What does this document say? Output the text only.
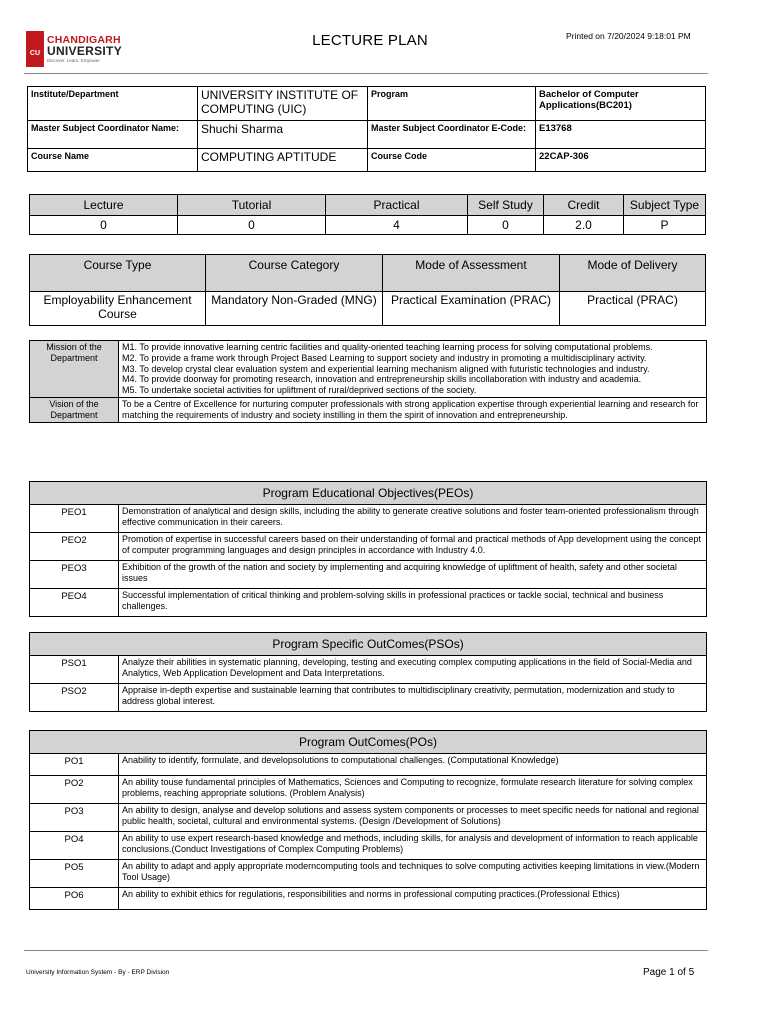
CU
CHANDIGARH
UNIVERSITY
Discover. Learn. Empower.
LECTURE PLAN	Printed on 7/20/2024 9:18:01 PM
Institute/Department	UNIVERSITY INSTITUTE OF COMPUTING (UIC)	Program	Bachelor of Computer Applications(BC201)
Master Subject Coordinator Name:	Shuchi Sharma	Master Subject Coordinator E-Code:	E13768
Course Name	COMPUTING APTITUDE	Course Code	22CAP-306
Lecture	Tutorial	Practical	Self Study	Credit	Subject Type
0	0	4	0	2.0	P
Course Type	Course Category	Mode of Assessment	Mode of Delivery
Employability Enhancement Course	Mandatory Non-Graded (MNG)	Practical Examination (PRAC)	Practical (PRAC)
Mission of the Department	M1. To provide innovative learning centric facilities and quality-oriented teaching learning process for solving computational problems.
M2. To provide a frame work through Project Based Learning to support society and industry in promoting a multidisciplinary activity.
M3. To develop crystal clear evaluation system and experiential learning mechanism aligned with futuristic technologies and industry.
M4. To provide doorway for promoting research, innovation and entrepreneurship skills incollaboration with industry and academia.
M5. To undertake societal activities for upliftment of rural/deprived sections of the society.

Vision of the Department	To be a Centre of Excellence for nurturing computer professionals with strong application expertise through experiential learning and research for matching the requirements of industry and society instilling in them the spirit of innovation and entrepreneurship.
Program Educational Objectives(PEOs)	
PEO1	Demonstration of analytical and design skills, including the ability to generate creative solutions and foster team-oriented professionalism through effective communication in their careers.
PEO2	Promotion of expertise in successful careers based on their understanding of formal and practical methods of App development using the concept of computer programming languages and design principles in accordance with Industry 4.0.
PEO3	Exhibition of the growth of the nation and society by implementing and acquiring knowledge of upliftment of health, safety and other societal issues
PEO4	Successful implementation of critical thinking and problem-solving skills in professional practices or tackle social, technical and business challenges.
Program Specific OutComes(PSOs)	
PSO1	Analyze their abilities in systematic planning, developing, testing and executing complex computing applications in the field of Social-Media and Analytics, Web Application Development and Data Interpretations.
PSO2	Appraise in-depth expertise and sustainable learning that contributes to multidisciplinary creativity, permutation, modernization and study to address global interest.
Program OutComes(POs)	
PO1	Anability to identify, formulate, and developsolutions to computational challenges. (Computational Knowledge)
PO2	An ability touse fundamental principles of Mathematics, Sciences and Computing to recognize, formulate research literature for solving complex problems, reaching appropriate solutions. (Problem Analysis)
PO3	An ability to design, analyse and develop solutions and assess system components or processes to meet specific needs for national and regional public health, societal, cultural and environmental systems. (Design /Development of Solutions)
PO4	An ability to use expert research-based knowledge and methods, including skills, for analysis and development of information to reach applicable conclusions.(Conduct Investigations of Complex Computing Problems)
PO5	An ability to adapt and apply appropriate moderncomputing tools and techniques to solve computing activities keeping limitations in view.(Modern Tool Usage)
PO6	An ability to exhibit ethics for regulations, responsibilities and norms in professional computing practices.(Professional Ethics)
University Information System - By - ERP Division	Page 1 of 5
